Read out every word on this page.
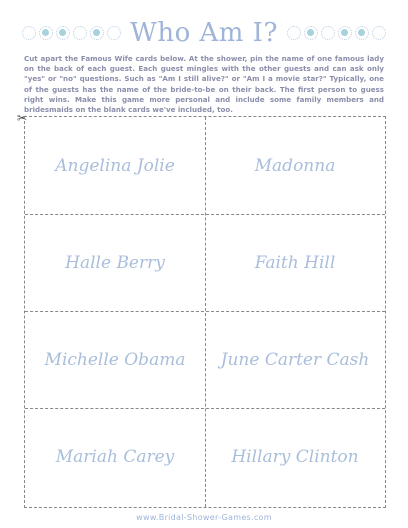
Who Am I?
Cut apart the Famous Wife cards below. At the shower, pin the name of one famous lady on the back of each guest. Each guest mingles with the other guests and can ask only "yes" or "no" questions. Such as "Am I still alive?" or "Am I a movie star?" Typically, one of the guests has the name of the bride-to-be on their back. The first person to guess right wins. Make this game more personal and include some family members and bridesmaids on the blank cards we've included, too.
✂
Angelina Jolie	Madonna
Halle Berry	Faith Hill
Michelle Obama June Carter Cash
Mariah Carey	Hillary Clinton
www.Bridal-Shower-Games.com
